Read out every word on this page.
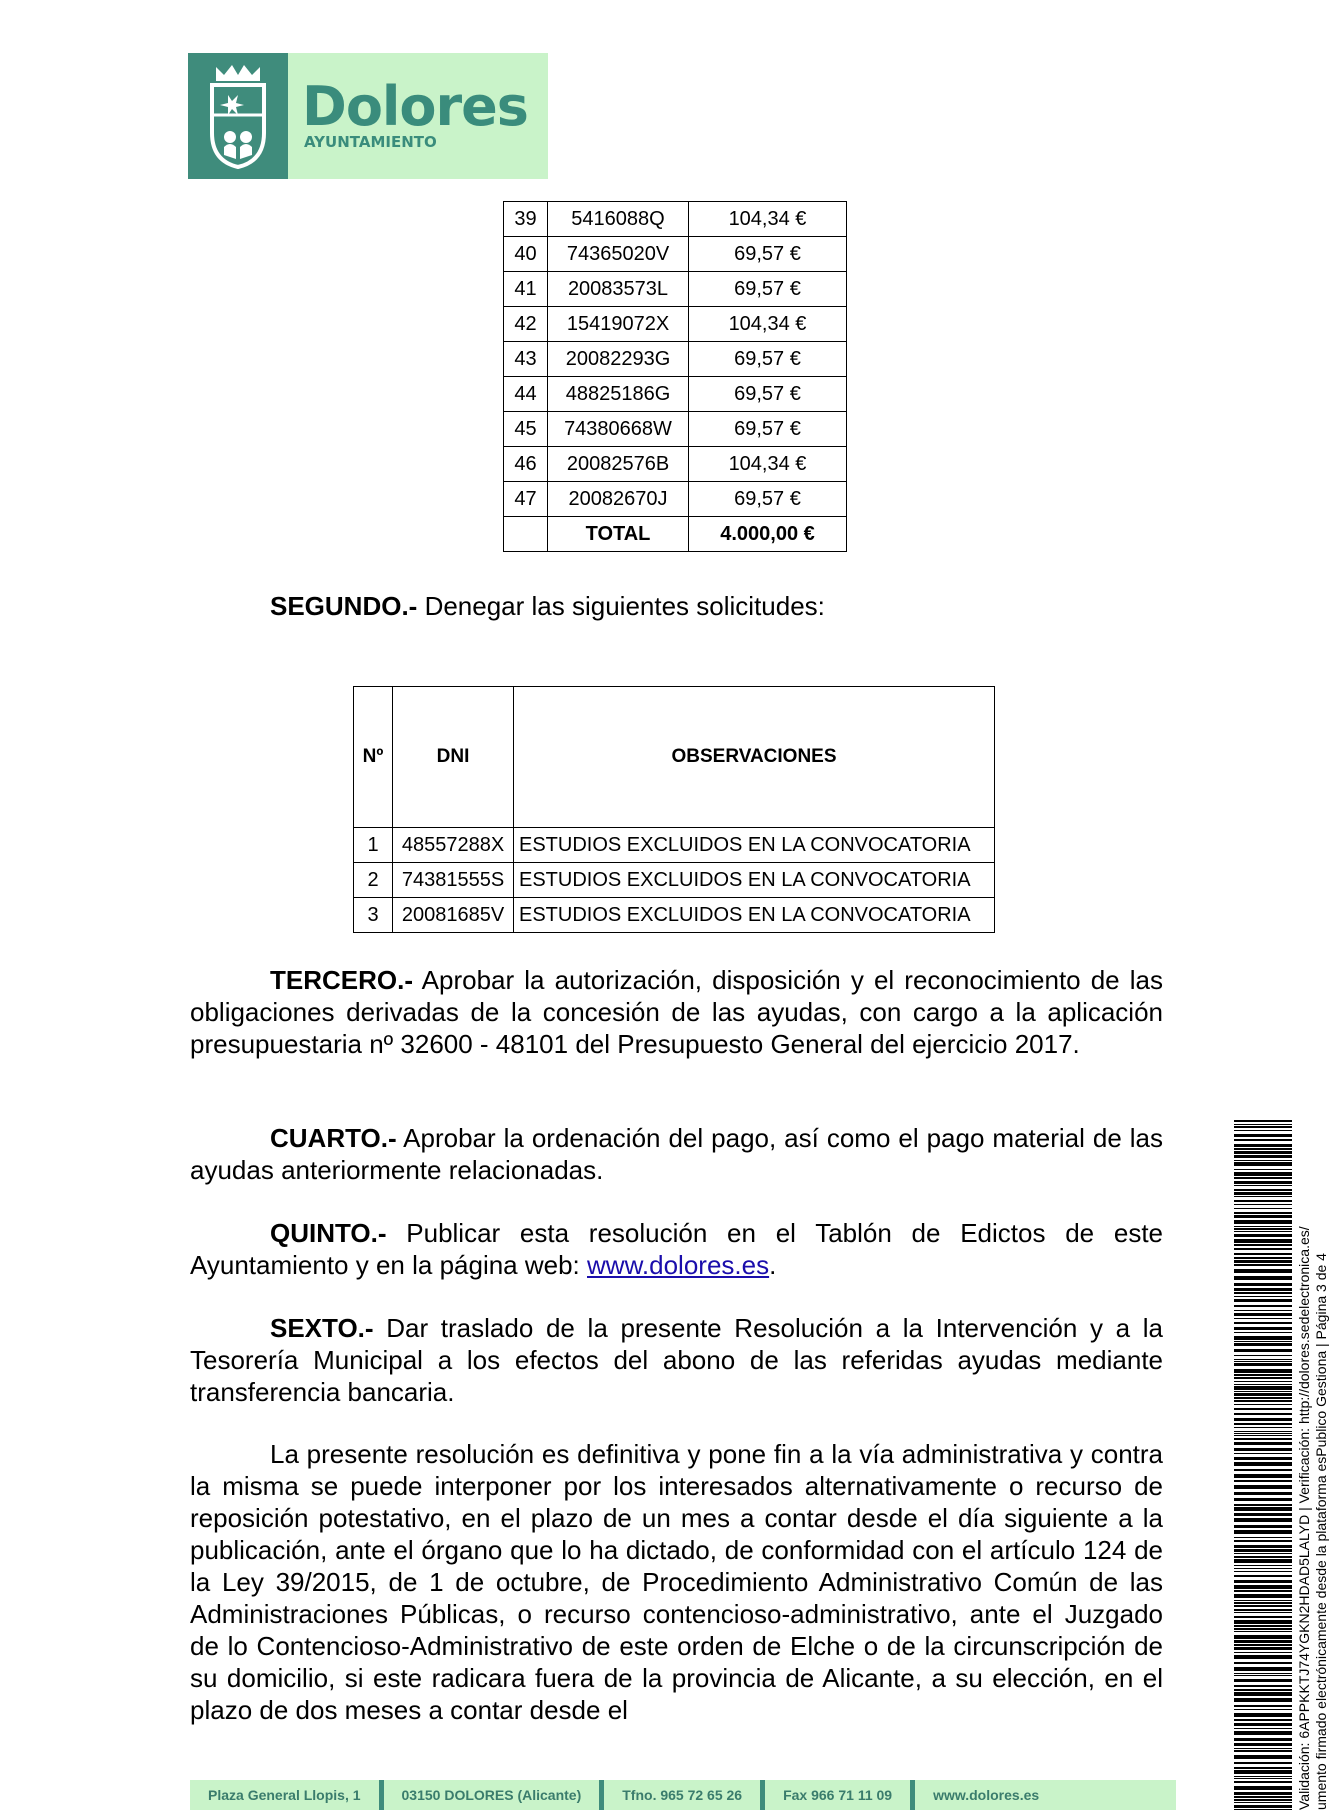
Dolores
AYUNTAMIENTO
39	5416088Q	104,34 €
40	74365020V	69,57 €
41	20083573L	69,57 €
42	15419072X	104,34 €
43	20082293G	69,57 €
44	48825186G	69,57 €
45	74380668W	69,57 €
46	20082576B	104,34 €
47	20082670J	69,57 €
	TOTAL	4.000,00 €

SEGUNDO.- Denegar las siguientes solicitudes:

Nº	DNI	OBSERVACIONES
1	48557288X	ESTUDIOS EXCLUIDOS EN LA CONVOCATORIA
2	74381555S	ESTUDIOS EXCLUIDOS EN LA CONVOCATORIA
3	20081685V	ESTUDIOS EXCLUIDOS EN LA CONVOCATORIA

TERCERO.- Aprobar la autorización, disposición y el reconocimiento de las obligaciones derivadas de la concesión de las ayudas, con cargo a la aplicación presupuestaria nº 32600 - 48101 del Presupuesto General del ejercicio 2017.

CUARTO.- Aprobar la ordenación del pago, así como el pago material de las ayudas anteriormente relacionadas.

QUINTO.- Publicar esta resolución en el Tablón de Edictos de este Ayuntamiento y en la página web: www.dolores.es.

SEXTO.- Dar traslado de la presente Resolución a la Intervención y a la Tesorería Municipal a los efectos del abono de las referidas ayudas mediante transferencia bancaria.

La presente resolución es definitiva y pone fin a la vía administrativa y contra la misma se puede interponer por los interesados alternativamente o recurso de reposición potestativo, en el plazo de un mes a contar desde el día siguiente a la publicación, ante el órgano que lo ha dictado, de conformidad con el artículo 124 de la Ley 39/2015, de 1 de octubre, de Procedimiento Administrativo Común de las Administraciones Públicas, o recurso contencioso-administrativo, ante el Juzgado de lo Contencioso-Administrativo de este orden de Elche o de la circunscripción de su domicilio, si este radicara fuera de la provincia de Alicante, a su elección, en el plazo de dos meses a contar desde el	Validación: 6APPKKTJ74YGKN2HDAD5LALYD | Verificación: http://dolores.sedelectronica.es/ umento firmado electrónicamente desde la plataforma esPublico Gestiona | Página 3 de 4
Plaza General Llopis, 1	03150 DOLORES (Alicante)	Tfno. 965 72 65 26	Fax 966 71 11 09	www.dolores.es
